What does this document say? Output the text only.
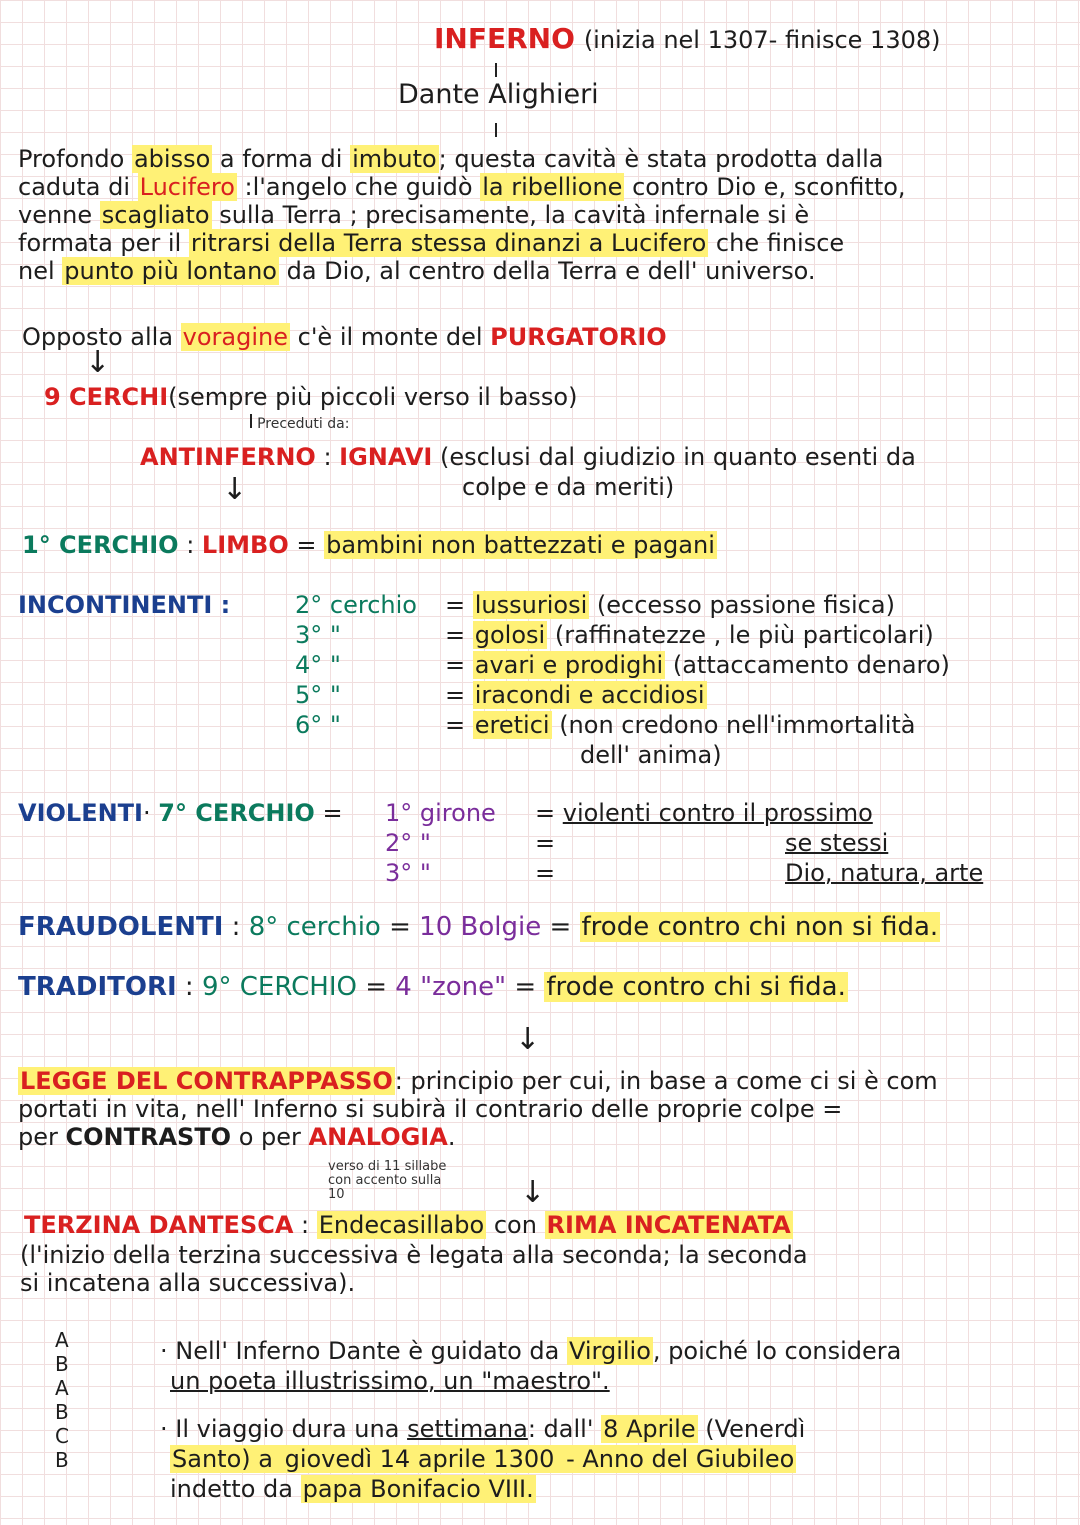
INFERNO (inizia nel 1307- finisce 1308)
Dante Alighieri
Profondo abisso a forma di imbuto; questa cavità è stata prodotta dalla
caduta di Lucifero :l'angelo che guidò la ribellione contro Dio e, sconfitto,
venne scagliato sulla Terra ; precisamente, la cavità infernale si è
formata per il ritrarsi della Terra stessa dinanzi a Lucifero che finisce
nel punto più lontano da Dio, al centro della Terra e dell' universo.
Opposto alla voragine c'è il monte del PURGATORIO
↓
9 CERCHI(sempre più piccoli verso il basso)
Preceduti da:
ANTINFERNO : IGNAVI (esclusi dal giudizio in quanto esenti da
colpe e da meriti)
↓
1° CERCHIO : LIMBO = bambini non battezzati e pagani
INCONTINENTI :	2° cerchio = lussuriosi (eccesso passione fisica)
3° "	= golosi (raffinatezze , le più particolari)
4° "	= avari e prodighi (attaccamento denaro)
5° "	= iracondi e accidiosi
6° "	= eretici (non credono nell'immortalità
dell' anima)
VIOLENTI· 7° CERCHIO = 1° girone = violenti contro il prossimo
2° "	=	se stessi
3° "	=	Dio, natura, arte
FRAUDOLENTI : 8° cerchio = 10 Bolgie = frode contro chi non si fida.
TRADITORI : 9° CERCHIO = 4 "zone" = frode contro chi si fida.
↓
LEGGE DEL CONTRAPPASSO: principio per cui, in base a come ci si è com
portati in vita, nell' Inferno si subirà il contrario delle proprie colpe =
per CONTRASTO o per ANALOGIA.
verso di 11 sillabe
con accento sulla
10	↓
TERZINA DANTESCA : Endecasillabo con RIMA INCATENATA
(l'inizio della terzina successiva è legata alla seconda; la seconda
si incatena alla successiva).
A
B
A
B
C
B
· Nell' Inferno Dante è guidato da Virgilio, poiché lo considera
un poeta illustrissimo, un "maestro".
· Il viaggio dura una settimana: dall' 8 Aprile (Venerdì
Santo) a giovedì 14 aprile 1300 - Anno del Giubileo
indetto da papa Bonifacio VIII.
